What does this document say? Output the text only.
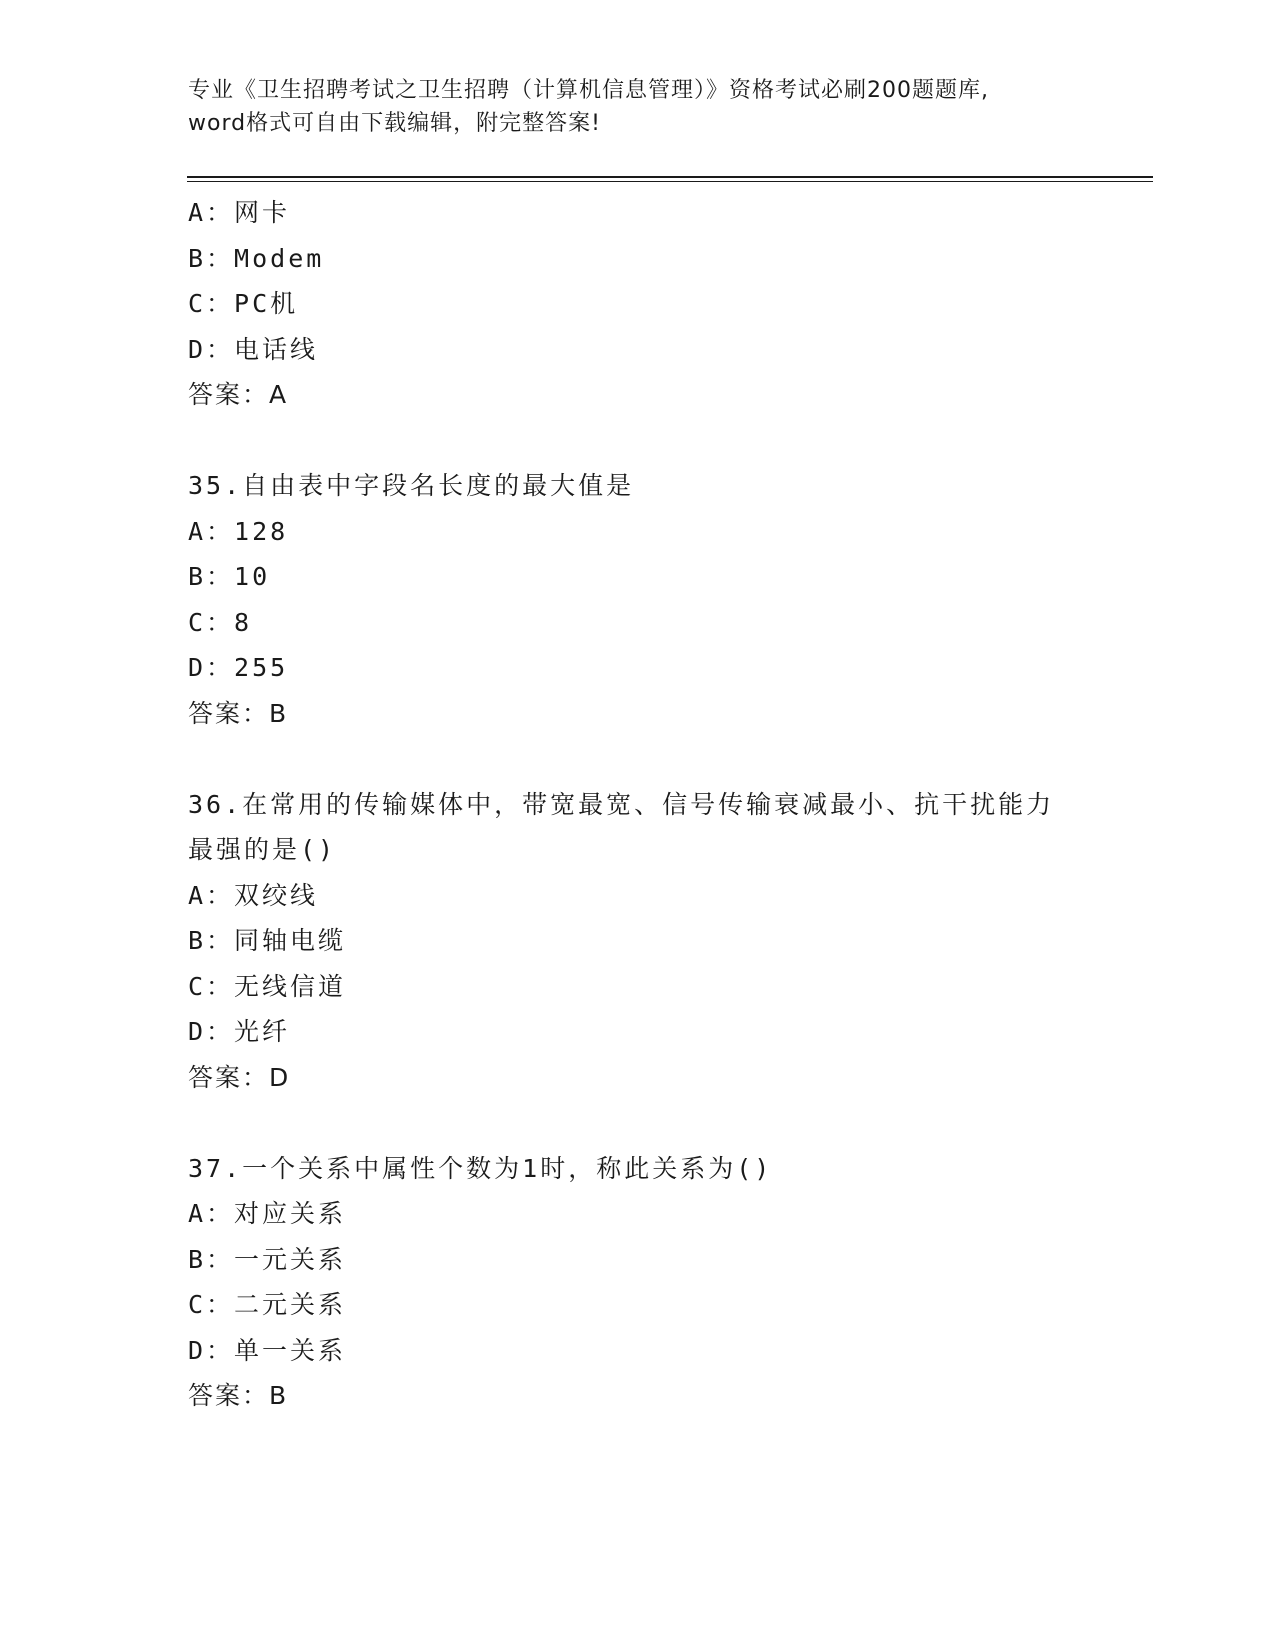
专业《卫生招聘考试之卫生招聘（计算机信息管理）》资格考试必刷200题题库,
word格式可自由下载编辑，附完整答案!
A：网卡
B：Modem
C：PC机
D：电话线
答案：A
35.自由表中字段名长度的最大值是
A：128
B：10
C：8
D：255
答案：B
36.在常用的传输媒体中，带宽最宽、信号传输衰减最小、抗干扰能力
最强的是()
A：双绞线
B：同轴电缆
C：无线信道
D：光纤
答案：D
37.一个关系中属性个数为1时，称此关系为()
A：对应关系
B：一元关系
C：二元关系
D：单一关系
答案：B
